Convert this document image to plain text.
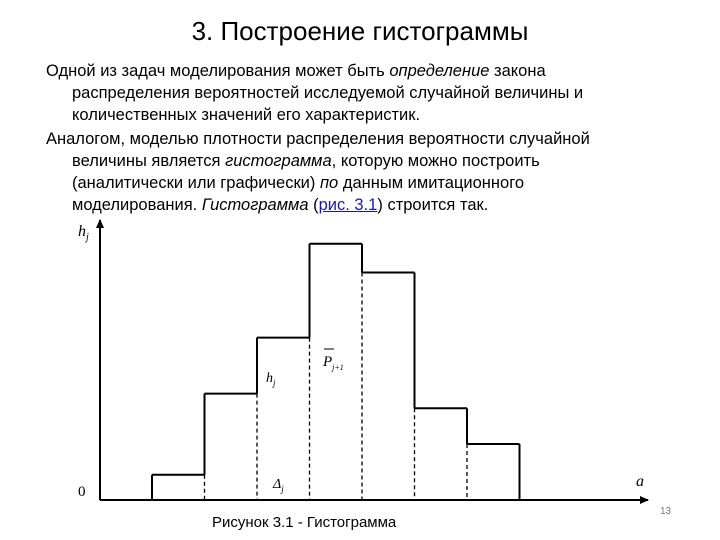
3. Построение гистограммы
Одной из задач моделирования может быть определение закона
распределения вероятностей исследуемой случайной величины и
количественных значений его характеристик.
Аналогом, моделью плотности распределения вероятности случайной
величины является гистограмма, которую можно построить
(аналитически или графически) по данным имитационного
моделирования. Гистограмма (рис. 3.1) строится так.
$h_j$
a
0
$h_j$
$P_{j+1}$
$\Delta_j$
Рисунок 3.1 - Гистограмма
13
